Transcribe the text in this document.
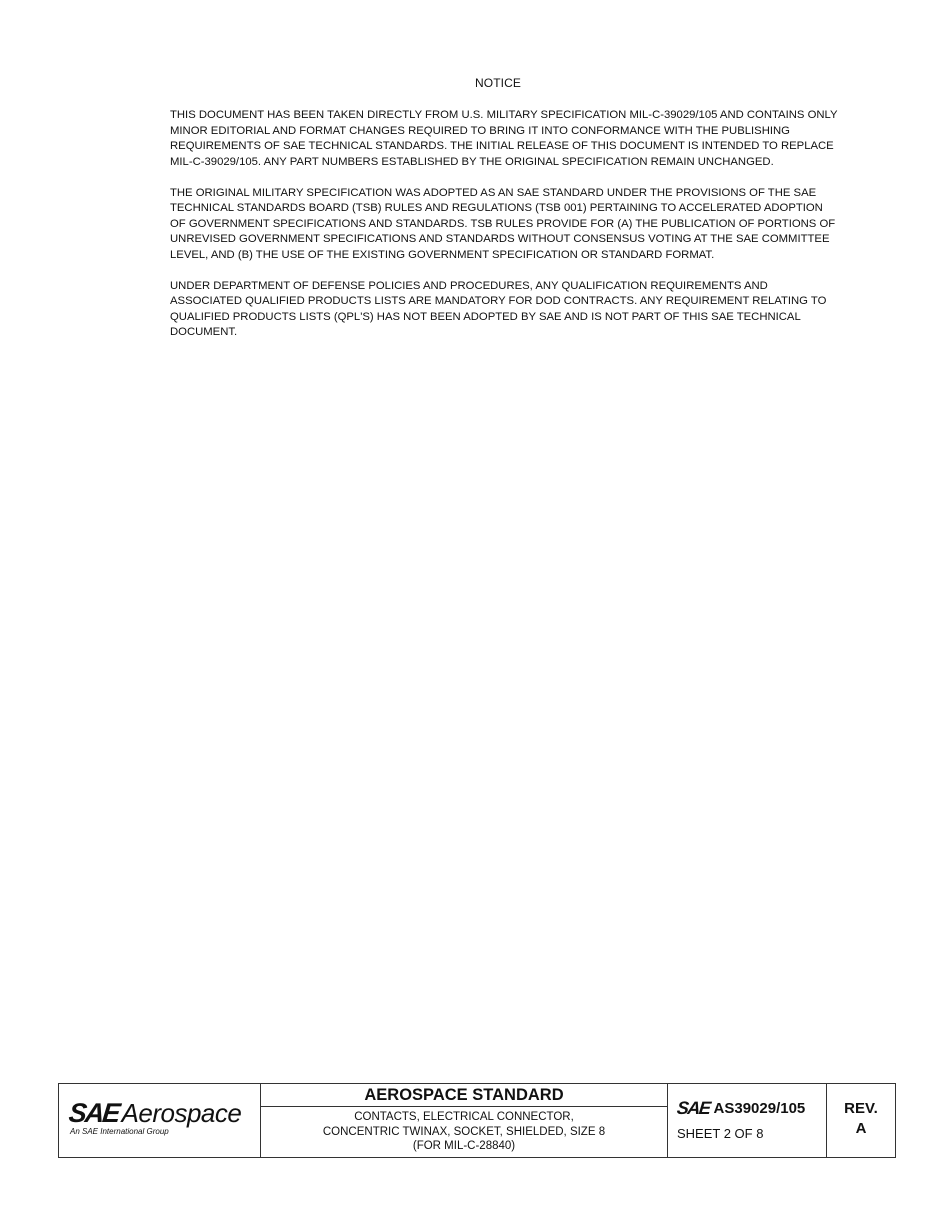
NOTICE

THIS DOCUMENT HAS BEEN TAKEN DIRECTLY FROM U.S. MILITARY SPECIFICATION MIL-C-39029/105 AND CONTAINS ONLY MINOR EDITORIAL AND FORMAT CHANGES REQUIRED TO BRING IT INTO CONFORMANCE WITH THE PUBLISHING REQUIREMENTS OF SAE TECHNICAL STANDARDS. THE INITIAL RELEASE OF THIS DOCUMENT IS INTENDED TO REPLACE MIL-C-39029/105. ANY PART NUMBERS ESTABLISHED BY THE ORIGINAL SPECIFICATION REMAIN UNCHANGED.

THE ORIGINAL MILITARY SPECIFICATION WAS ADOPTED AS AN SAE STANDARD UNDER THE PROVISIONS OF THE SAE TECHNICAL STANDARDS BOARD (TSB) RULES AND REGULATIONS (TSB 001) PERTAINING TO ACCELERATED ADOPTION OF GOVERNMENT SPECIFICATIONS AND STANDARDS. TSB RULES PROVIDE FOR (A) THE PUBLICATION OF PORTIONS OF UNREVISED GOVERNMENT SPECIFICATIONS AND STANDARDS WITHOUT CONSENSUS VOTING AT THE SAE COMMITTEE LEVEL, AND (B) THE USE OF THE EXISTING GOVERNMENT SPECIFICATION OR STANDARD FORMAT.

UNDER DEPARTMENT OF DEFENSE POLICIES AND PROCEDURES, ANY QUALIFICATION REQUIREMENTS AND ASSOCIATED QUALIFIED PRODUCTS LISTS ARE MANDATORY FOR DOD CONTRACTS. ANY REQUIREMENT RELATING TO QUALIFIED PRODUCTS LISTS (QPL'S) HAS NOT BEEN ADOPTED BY SAE AND IS NOT PART OF THIS SAE TECHNICAL DOCUMENT.

SAE Aerospace
An SAE International Group
AEROSPACE STANDARD
CONTACTS, ELECTRICAL CONNECTOR,
CONCENTRIC TWINAX, SOCKET, SHIELDED, SIZE 8
(FOR MIL-C-28840)
SAE AS39029/105
SHEET 2 OF 8
REV.
A
